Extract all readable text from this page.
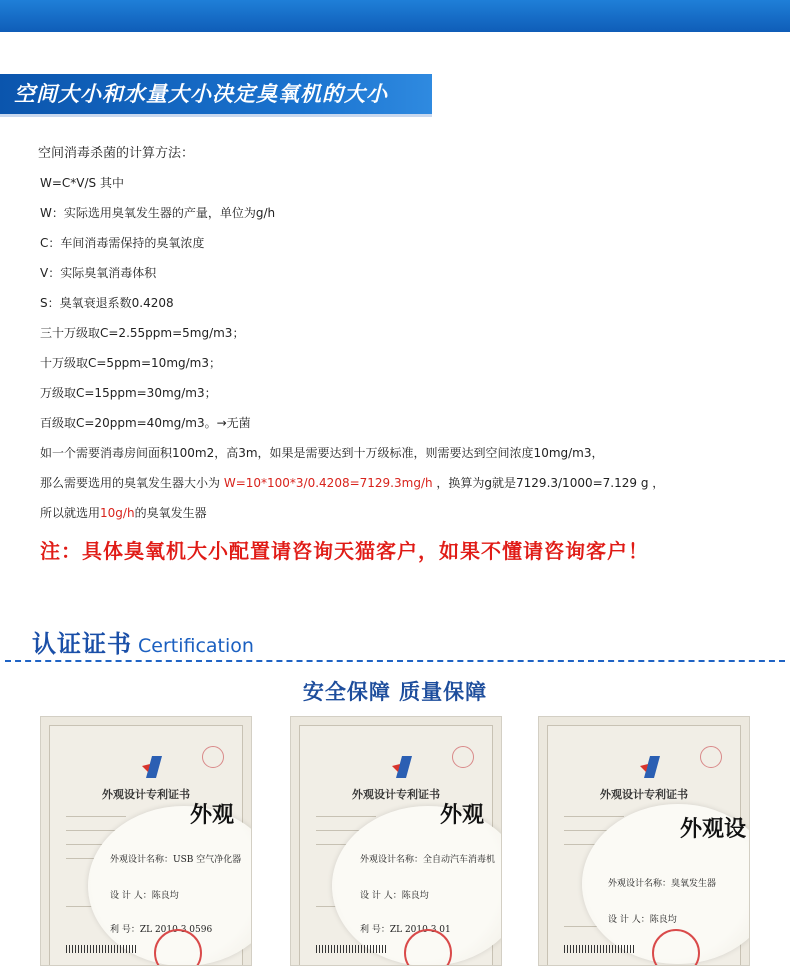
空间大小和水量大小决定臭氧机的大小
空间消毒杀菌的计算方法：
W=C*V/S 其中
W：实际选用臭氧发生器的产量，单位为g/h
C：车间消毒需保持的臭氧浓度
V：实际臭氧消毒体积
S：臭氧衰退系数0.4208
三十万级取C=2.55ppm=5mg/m3；
十万级取C=5ppm=10mg/m3；
万级取C=15ppm=30mg/m3；
百级取C=20ppm=40mg/m3。→无菌
如一个需要消毒房间面积100m2，高3m，如果是需要达到十万级标准，则需要达到空间浓度10mg/m3，
那么需要选用的臭氧发生器大小为 W=10*100*3/0.4208=7129.3mg/h ，换算为g就是7129.3/1000=7.129 g ，
所以就选用10g/h的臭氧发生器
注：具体臭氧机大小配置请咨询天猫客户，如果不懂请咨询客户！
认证证书 Certification
安全保障 质量保障
外观设计专利证书
外观
外观设计名称：USB 空气净化器
设 计 人：陈良均
利 号：ZL 2010 3 0596
外观设计专利证书
外观
外观设计名称：全自动汽车消毒机
设 计 人：陈良均
利 号：ZL 2010 3 01
外观设计专利证书
外观设
外观设计名称：臭氧发生器
设 计 人：陈良均
